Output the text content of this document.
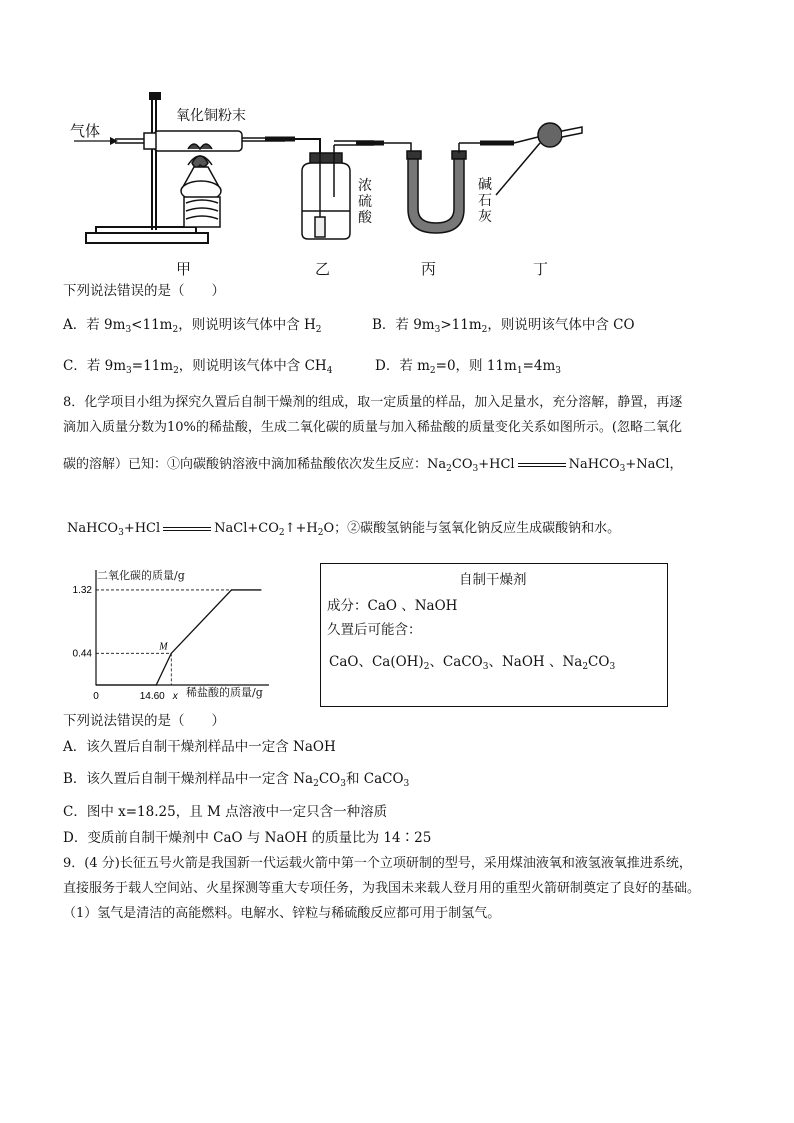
气体
氧化铜粉末
浓
硫
酸
碱
石
灰
甲	乙	丙	丁
下列说法错误的是（　　）
A．若 $9m_3<11m_2$，则说明该气体中含 $H_2$	B．若 $9m_3>11m_2$，则说明该气体中含 CO
C．若 $9m_3=11m_2$，则说明该气体中含 $CH_4$	D．若 $m_2=0$，则 $11m_1=4m_3$
8．化学项目小组为探究久置后自制干燥剂的组成，取一定质量的样品，加入足量水，充分溶解，静置，再逐
滴加入质量分数为10%的稀盐酸，生成二氧化碳的质量与加入稀盐酸的质量变化关系如图所示。(忽略二氧化
碳的溶解）已知：①向碳酸钠溶液中滴加稀盐酸依次发生反应：$Na_2CO_3+HCl$	NaHCO$_3$+NaCl，
NaHCO$_3$+HCl	$NaCl+CO_2↑+H_2O$；②碳酸氢钠能与氢氧化钠反应生成碳酸钠和水。
0.44
1.32
M
0	14.60 x
二氧化碳的质量/g
稀盐酸的质量/g
自制干燥剂
成分：CaO 、NaOH
久置后可能含：
CaO、$Ca(OH)_2$、CaCO$_3$、NaOH 、$Na_2CO_3$
下列说法错误的是（　　）
A．该久置后自制干燥剂样品中一定含 NaOH
B．该久置后自制干燥剂样品中一定含 $Na_2CO_3$和 CaCO$_3$
C．图中 x=18.25，且 M 点溶液中一定只含一种溶质
D．变质前自制干燥剂中 CaO 与 NaOH 的质量比为 14∶25
9．(4 分)长征五号火箭是我国新一代运载火箭中第一个立项研制的型号，采用煤油液氧和液氢液氧推进系统，
直接服务于载人空间站、火星探测等重大专项任务，为我国未来载人登月用的重型火箭研制奠定了良好的基础。
（1）氢气是清洁的高能燃料。电解水、锌粒与稀硫酸反应都可用于制氢气。
